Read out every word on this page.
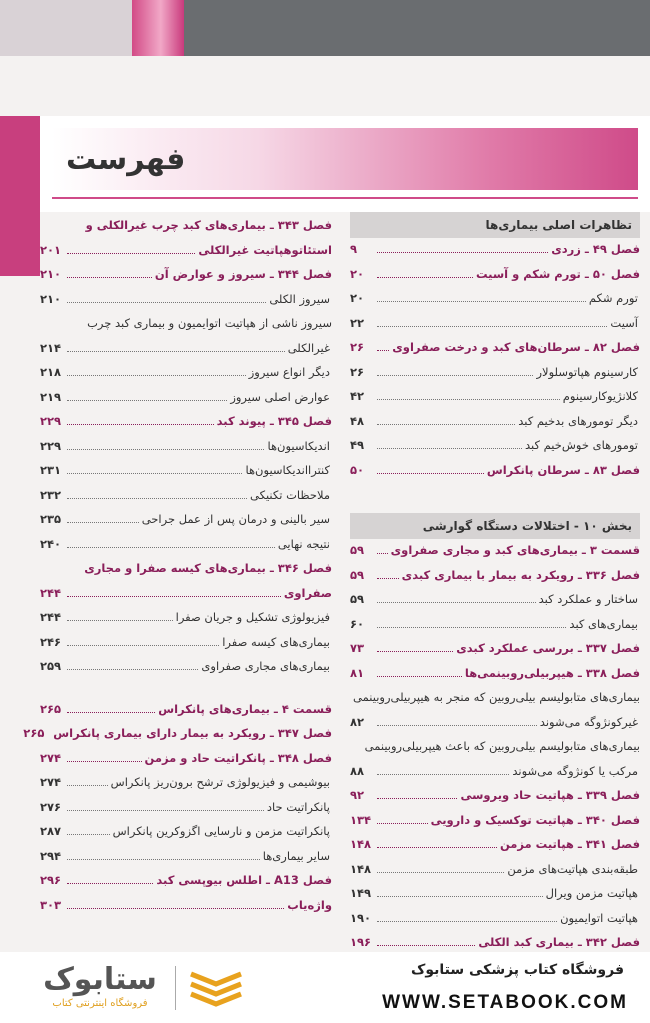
فهرست
تظاهرات اصلی بیماری‌ها
فصل ۴۹ ـ زردی
۹
فصل ۵۰ ـ تورم شکم و آسیت
۲۰
تورم شکم
۲۰
آسیت
۲۲
فصل ۸۲ ـ سرطان‌های کبد و درخت صفراوی
۲۶
کارسینوم هپاتوسلولار
۲۶
کلانژیوکارسینوم
۴۲
دیگر تومورهای بدخیم کبد
۴۸
تومورهای خوش‌خیم کبد
۴۹
فصل ۸۳ ـ سرطان پانکراس
۵۰
بخش ۱۰ - اختلالات دستگاه گوارشی
قسمت ۳ ـ بیماری‌های کبد و مجاری صفراوی
۵۹
فصل ۳۳۶ ـ رویکرد به بیمار با بیماری کبدی
۵۹
ساختار و عملکرد کبد
۵۹
بیماری‌های کبد
۶۰
فصل ۳۳۷ ـ بررسی عملکرد کبدی
۷۳
فصل ۳۳۸ ـ هیپربیلی‌روبینمی‌ها
۸۱
بیماری‌های متابولیسم بیلی‌روبین که منجر به هیپربیلی‌روبینمی
غیرکونژوگه می‌شوند
۸۲
بیماری‌های متابولیسم بیلی‌روبین که باعث هیپربیلی‌روبینمی
مرکب یا کونژوگه می‌شوند
۸۸
فصل ۳۳۹ ـ هپاتیت حاد ویروسی
۹۲
فصل ۳۴۰ ـ هپاتیت توکسیک و دارویی
۱۳۴
فصل ۳۴۱ ـ هپاتیت مزمن
۱۴۸
طبقه‌بندی هپاتیت‌های مزمن
۱۴۸
هپاتیت مزمن ویرال
۱۴۹
هپاتیت اتوایمیون
۱۹۰
فصل ۳۴۲ ـ بیماری کبد الکلی
۱۹۶
فصل ۳۴۳ ـ بیماری‌های کبد چرب غیرالکلی و
استئاتوهپاتیت غیرالکلی
۲۰۱
فصل ۳۴۴ ـ سیروز و عوارض آن
۲۱۰
سیروز الکلی
۲۱۰
سیروز ناشی از هپاتیت اتوایمیون و بیماری کبد چرب
غیرالکلی
۲۱۴
دیگر انواع سیروز
۲۱۸
عوارض اصلی سیروز
۲۱۹
فصل ۳۴۵ ـ پیوند کبد
۲۲۹
اندیکاسیون‌ها
۲۲۹
کنترااندیکاسیون‌ها
۲۳۱
ملاحظات تکنیکی
۲۳۲
سیر بالینی و درمان پس از عمل جراحی
۲۳۵
نتیجه نهایی
۲۴۰
فصل ۳۴۶ ـ بیماری‌های کیسه صفرا و مجاری
صفراوی
۲۴۴
فیزیولوژی تشکیل و جریان صفرا
۲۴۴
بیماری‌های کیسه صفرا
۲۴۶
بیماری‌های مجاری صفراوی
۲۵۹
قسمت ۴ ـ بیماری‌های پانکراس
۲۶۵
فصل ۳۴۷ ـ رویکرد به بیمار دارای بیماری پانکراس
۲۶۵
فصل ۳۴۸ ـ پانکراتیت حاد و مزمن
۲۷۴
بیوشیمی و فیزیولوژی ترشح برون‌ریز پانکراس
۲۷۴
پانکراتیت حاد
۲۷۶
پانکراتیت مزمن و نارسایی اگزوکرین پانکراس
۲۸۷
سایر بیماری‌ها
۲۹۴
فصل A13 ـ اطلس بیوپسی کبد
۲۹۶
واژه‌یاب
۳۰۳
ستابوک
فروشگاه اینترنتی کتاب
فروشگاه کتاب پزشکی ستابوک
WWW.SETABOOK.COM
